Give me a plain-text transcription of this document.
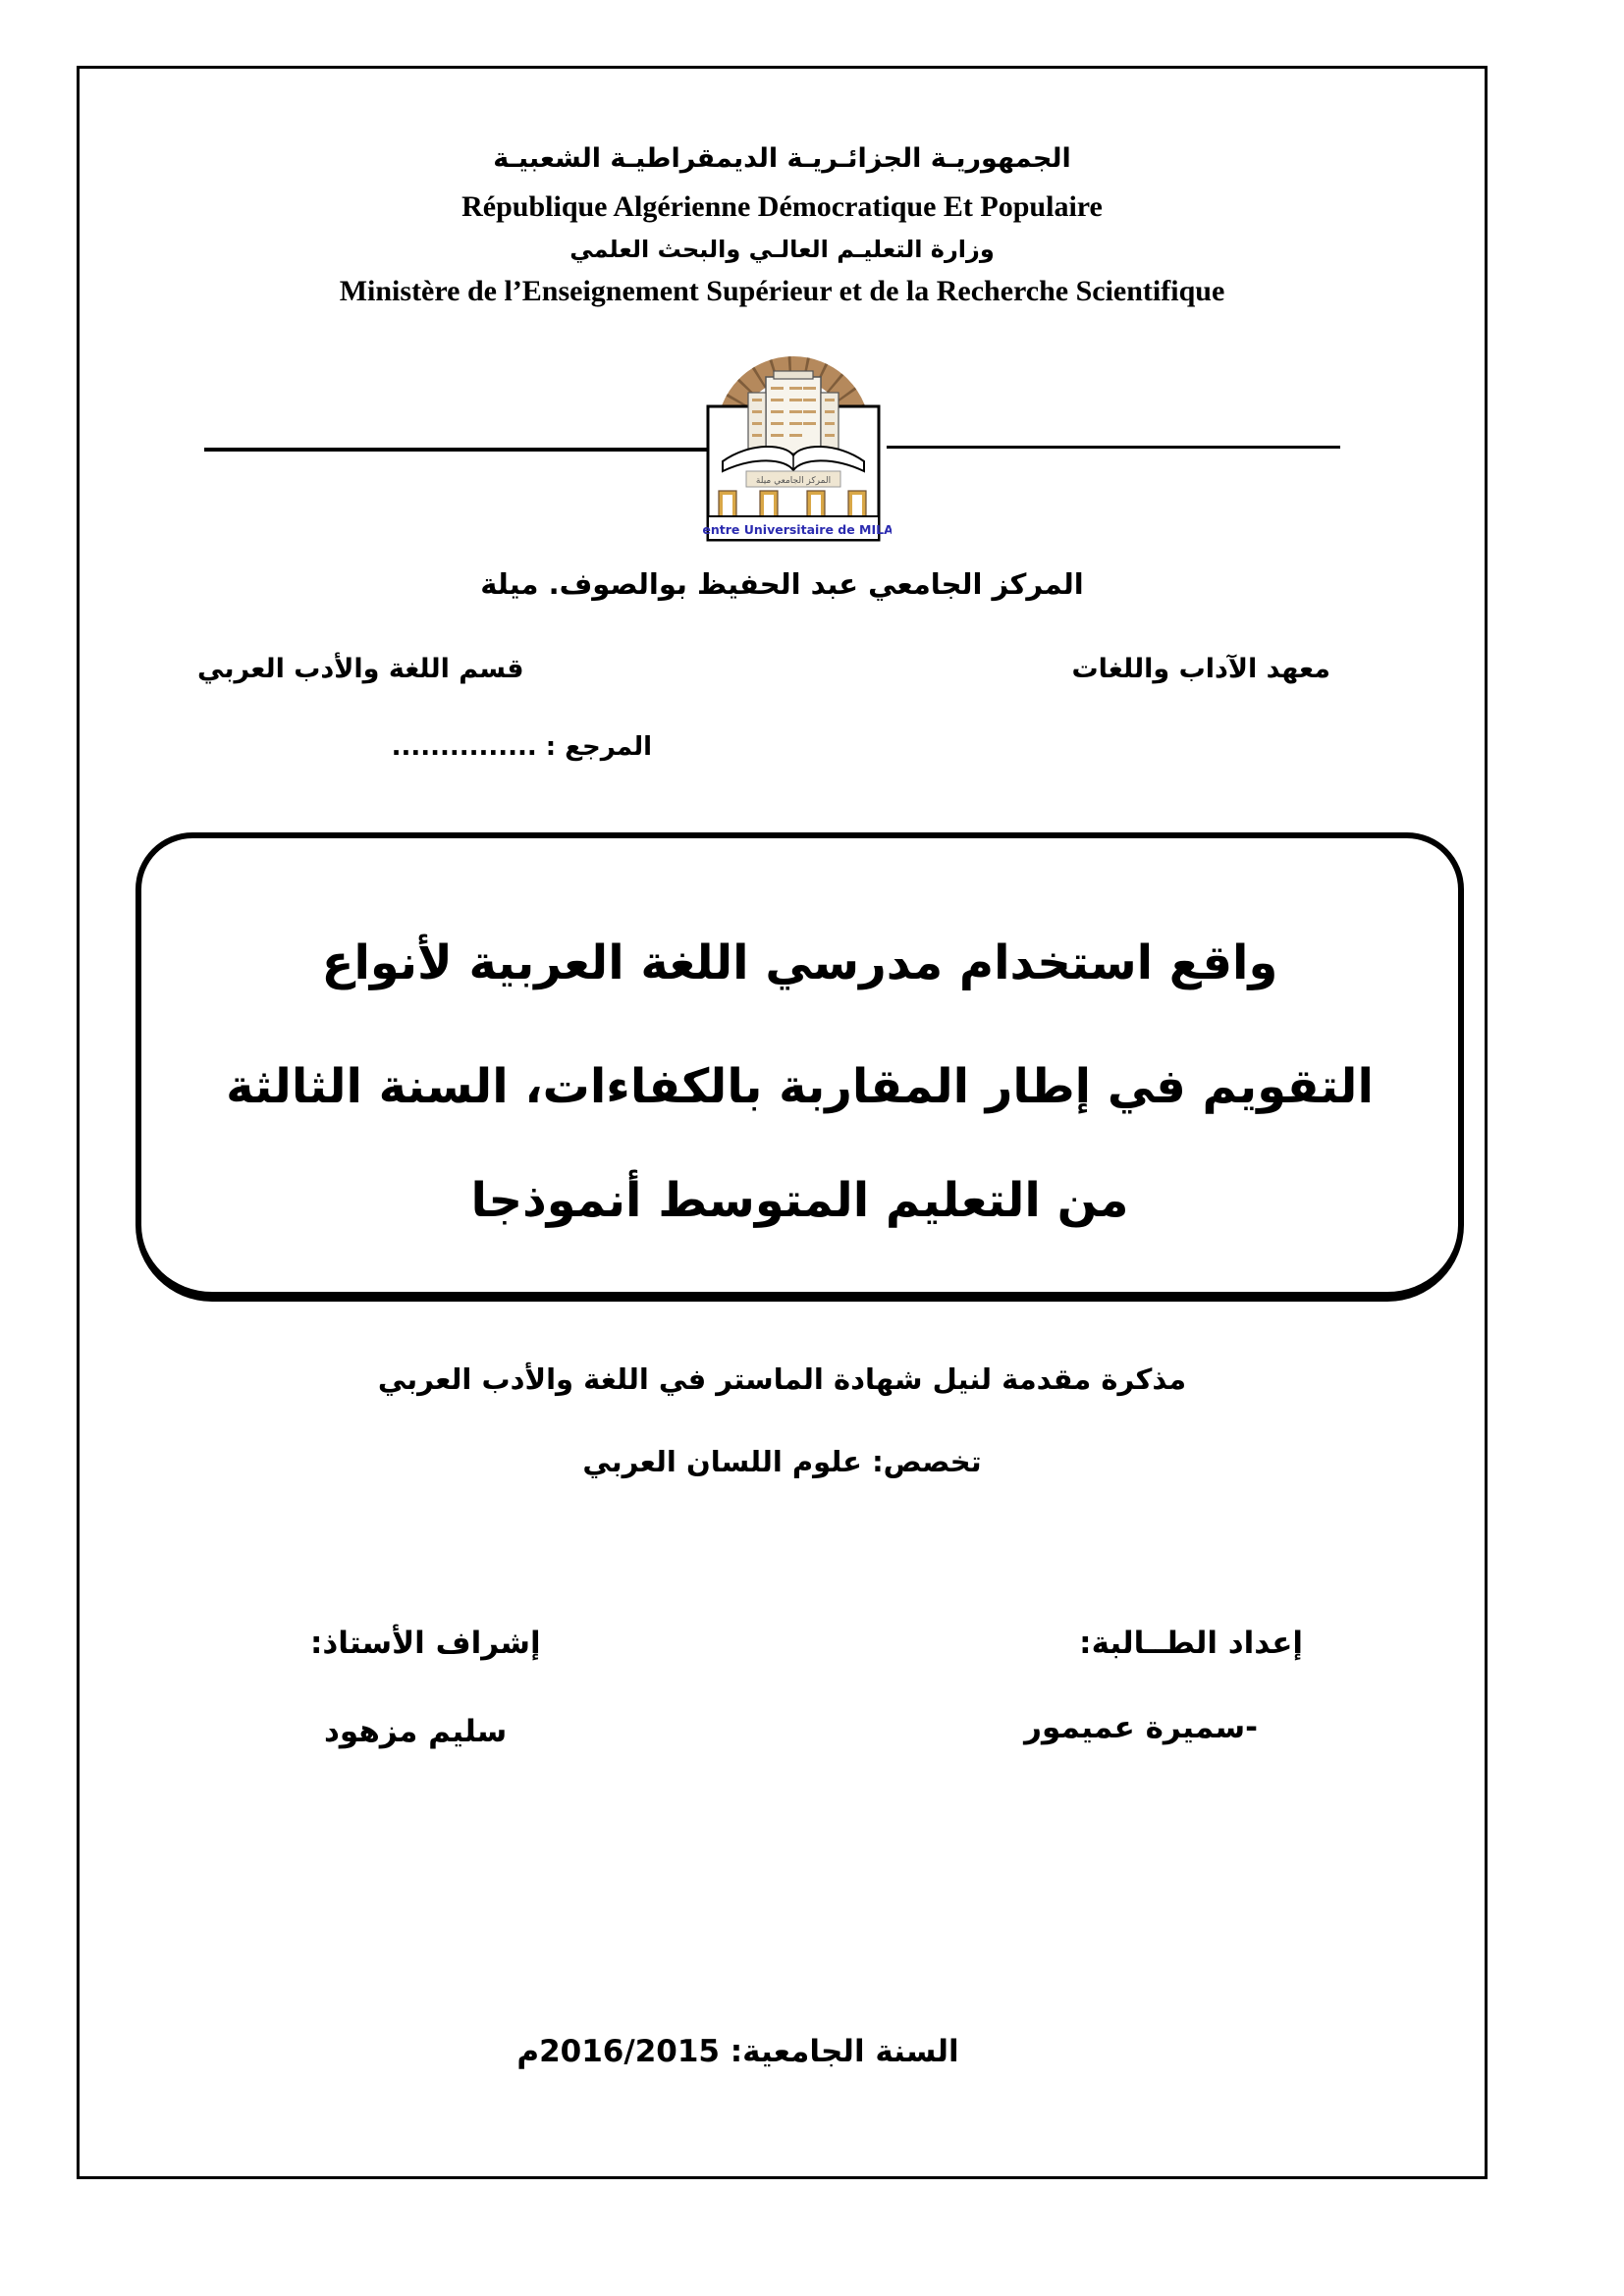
الجمهوريـة الجزائـريـة الديمقراطيـة الشعبيـة
République Algérienne Démocratique Et Populaire
وزارة التعليـم العالـي والبحث العلمي
Ministère de l’Enseignement Supérieur et de la Recherche Scientifique
المركز الجامعي ميلة
Centre Universitaire de MILA
المركز الجامعي عبد الحفيظ بوالصوف. ميلة
معهد الآداب واللغات
قسم اللغة والأدب العربي
المرجع : ...............
واقع استخدام مدرسي اللغة العربية لأنواع
التقويم في إطار المقاربة بالكفاءات، السنة الثالثة
من التعليم المتوسط أنموذجا
مذكرة مقدمة لنيل شهادة الماستر في اللغة والأدب العربي
تخصص: علوم اللسان العربي
إعداد الطــالبة:
إشراف الأستاذ:
-سميرة عميمور
سليم مزهود
السنة الجامعية: 2016/2015م
